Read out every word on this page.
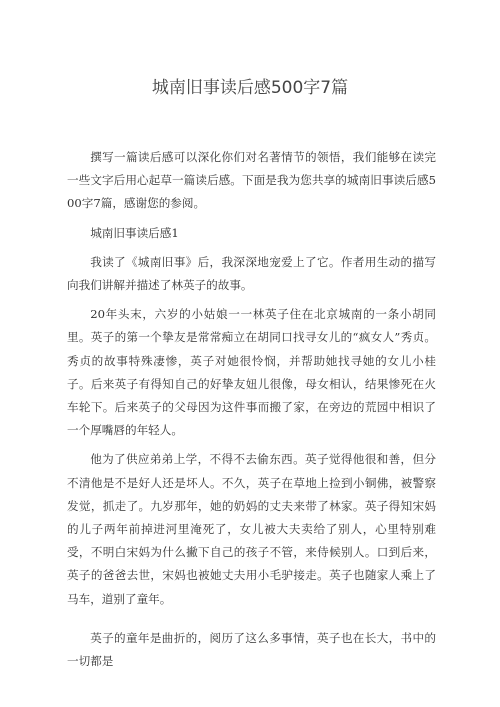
城南旧事读后感500字7篇

撰写一篇读后感可以深化你们对名著情节的领悟，我们能够在读完一些文字后用心起草一篇读后感。下面是我为您共享的城南旧事读后感500字7篇，感谢您的参阅。

城南旧事读后感1

我读了《城南旧事》后，我深深地宠爱上了它。作者用生动的描写向我们讲解并描述了林英子的故事。

20年头末，六岁的小姑娘一一林英子住在北京城南的一条小胡同里。英子的第一个挚友是常常痴立在胡同口找寻女儿的“疯女人”秀贞。秀贞的故事特殊凄惨，英子对她很怜悯，并帮助她找寻她的女儿小桂子。后来英子有得知自己的好挚友妞儿很像，母女相认，结果惨死在火车轮下。后来英子的父母因为这件事而搬了家，在旁边的荒园中相识了一个厚嘴唇的年轻人。

他为了供应弟弟上学，不得不去偷东西。英子觉得他很和善，但分不清他是不是好人还是坏人。不久，英子在草地上捡到小铜佛，被警察发觉，抓走了。九岁那年，她的奶妈的丈夫来带了林家。英子得知宋妈的儿子两年前掉进河里淹死了，女儿被大夫卖给了别人，心里特别难受，不明白宋妈为什么撇下自己的孩子不管，来侍候别人。口到后来，英子的爸爸去世，宋妈也被她丈夫用小毛驴接走。英子也随家人乘上了马车，道别了童年。

英子的童年是曲折的，阅历了这么多事情，英子也在长大，书中的一切都是
